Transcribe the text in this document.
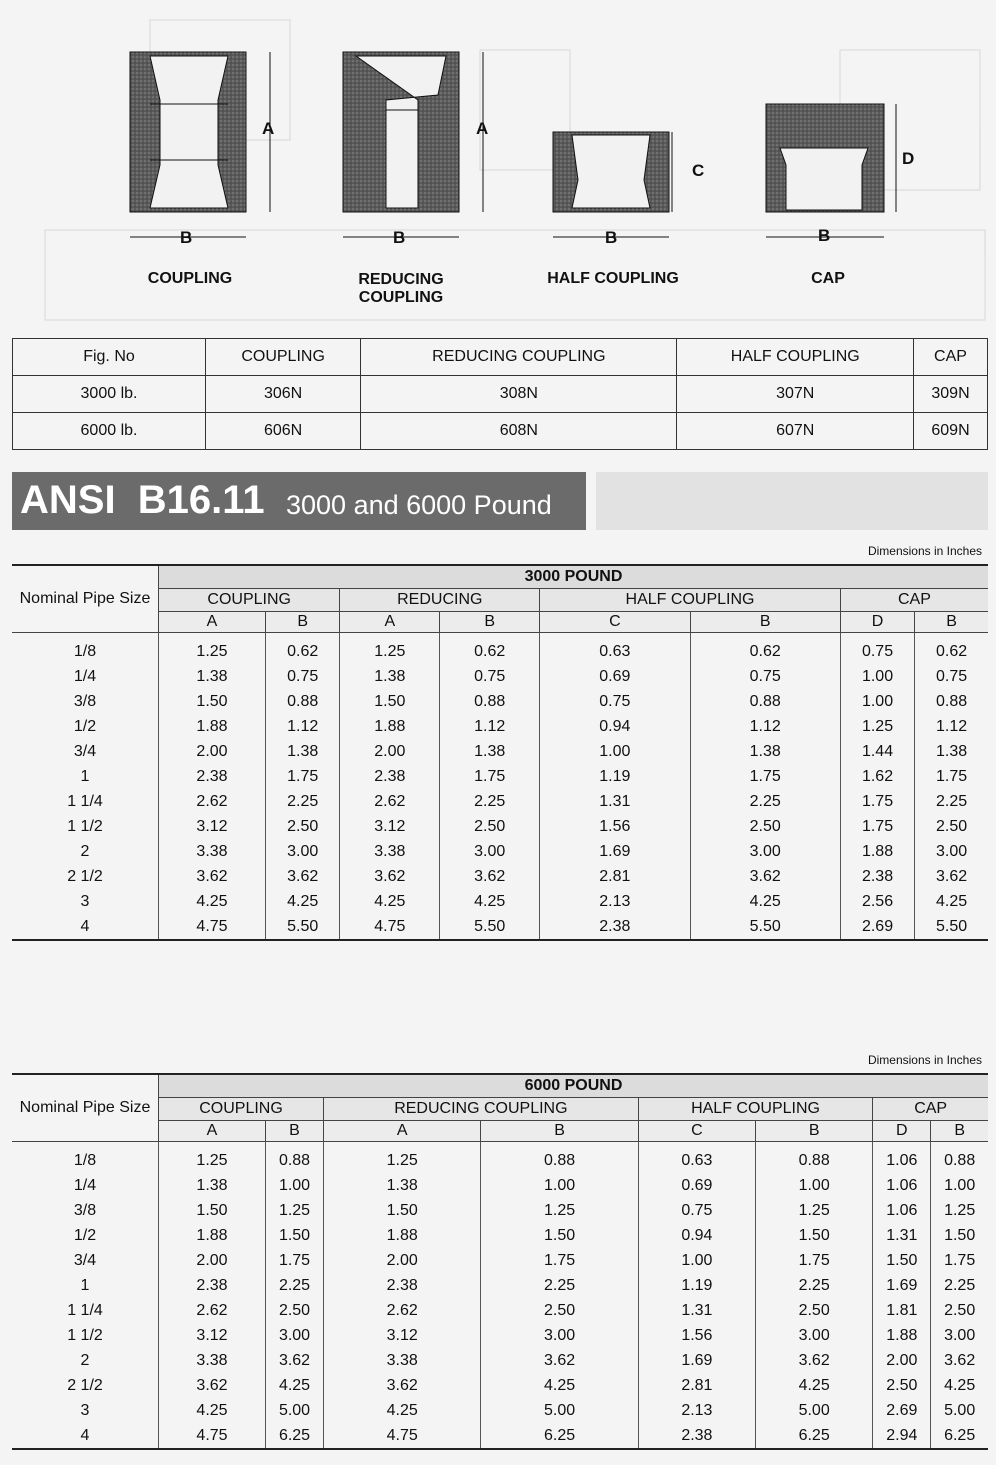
A
B
A
B
C
B
D
B
COUPLING	REDUCING COUPLING
HALF COUPLING	CAP
Fig. No	COUPLING	REDUCING COUPLING	HALF COUPLING	CAP
3000 lb.	306N	308N	307N	309N
6000 lb.	606N	608N	607N	609N
ANSI  B16.11 3000 and 6000 Pound
Dimensions in Inches
Nominal Pipe Size	3000 POUND							
	COUPLING		REDUCING		HALF COUPLING		CAP	
	A	B	A	B	C	B	D	B
1/8	1.25	0.62	1.25	0.62	0.63	0.62	0.75	0.62
1/4	1.38	0.75	1.38	0.75	0.69	0.75	1.00	0.75
3/8	1.50	0.88	1.50	0.88	0.75	0.88	1.00	0.88
1/2	1.88	1.12	1.88	1.12	0.94	1.12	1.25	1.12
3/4	2.00	1.38	2.00	1.38	1.00	1.38	1.44	1.38
1	2.38	1.75	2.38	1.75	1.19	1.75	1.62	1.75
1 1/4	2.62	2.25	2.62	2.25	1.31	2.25	1.75	2.25
1 1/2	3.12	2.50	3.12	2.50	1.56	2.50	1.75	2.50
2	3.38	3.00	3.38	3.00	1.69	3.00	1.88	3.00
2 1/2	3.62	3.62	3.62	3.62	2.81	3.62	2.38	3.62
3	4.25	4.25	4.25	4.25	2.13	4.25	2.56	4.25
4	4.75	5.50	4.75	5.50	2.38	5.50	2.69	5.50
Dimensions in Inches
Nominal Pipe Size	6000 POUND							
	COUPLING		REDUCING COUPLING		HALF COUPLING		CAP	
	A	B	A	B	C	B	D	B
1/8	1.25	0.88	1.25	0.88	0.63	0.88	1.06	0.88
1/4	1.38	1.00	1.38	1.00	0.69	1.00	1.06	1.00
3/8	1.50	1.25	1.50	1.25	0.75	1.25	1.06	1.25
1/2	1.88	1.50	1.88	1.50	0.94	1.50	1.31	1.50
3/4	2.00	1.75	2.00	1.75	1.00	1.75	1.50	1.75
1	2.38	2.25	2.38	2.25	1.19	2.25	1.69	2.25
1 1/4	2.62	2.50	2.62	2.50	1.31	2.50	1.81	2.50
1 1/2	3.12	3.00	3.12	3.00	1.56	3.00	1.88	3.00
2	3.38	3.62	3.38	3.62	1.69	3.62	2.00	3.62
2 1/2	3.62	4.25	3.62	4.25	2.81	4.25	2.50	4.25
3	4.25	5.00	4.25	5.00	2.13	5.00	2.69	5.00
4	4.75	6.25	4.75	6.25	2.38	6.25	2.94	6.25
